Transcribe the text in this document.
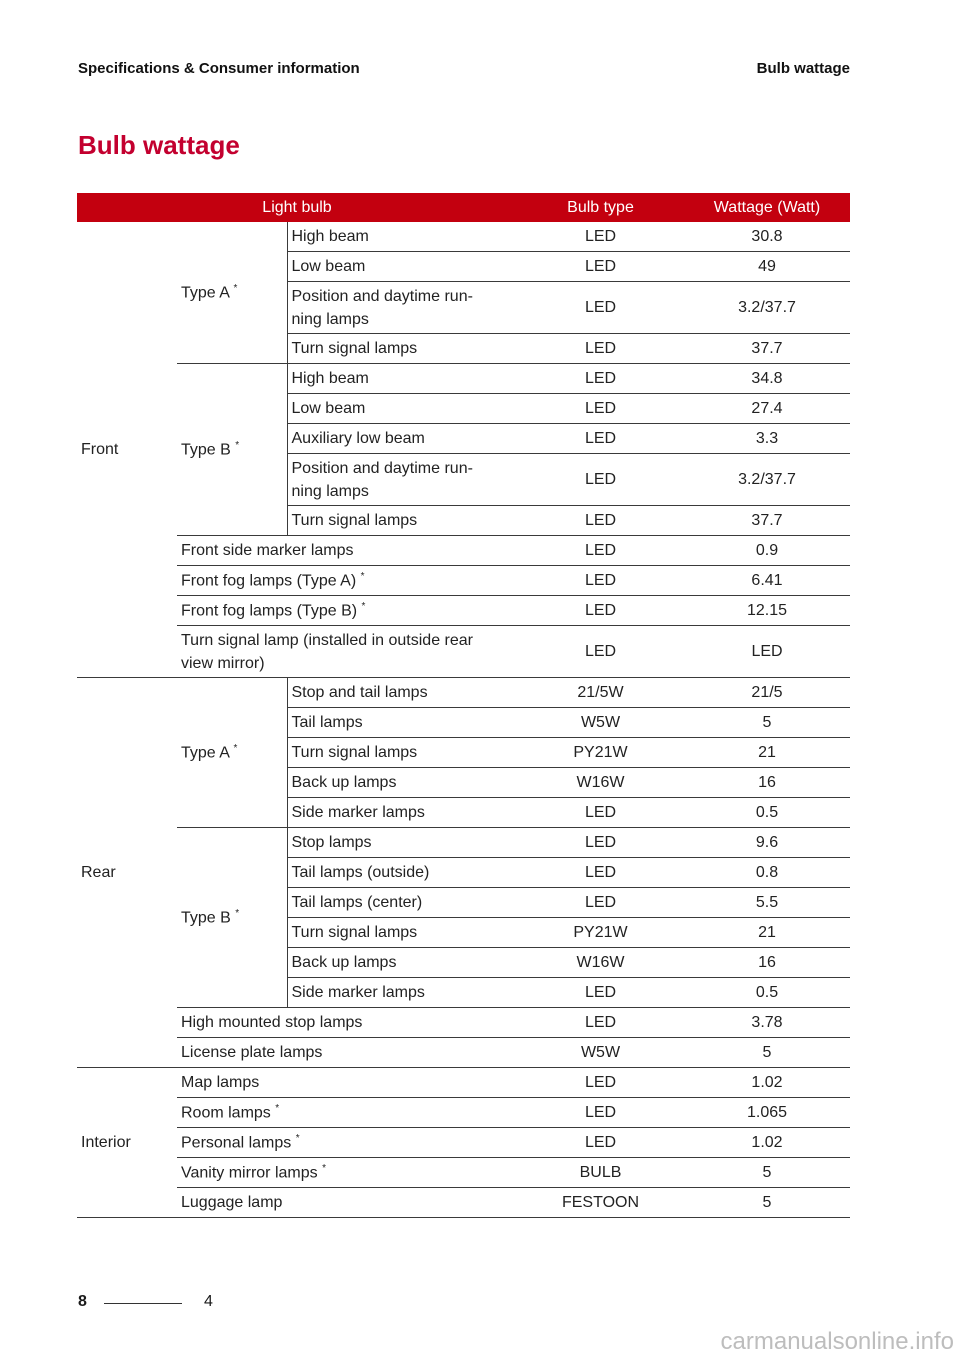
Specifications & Consumer information	Bulb wattage
Bulb wattage
Light bulb			Bulb type	Wattage (Watt)
Front	Type A *	High beam	LED	30.8
		Low beam	LED	49
		Position and daytime run-
ning lamps	LED	3.2/37.7
		Turn signal lamps	LED	37.7
	Type B *	High beam	LED	34.8
		Low beam	LED	27.4
		Auxiliary low beam	LED	3.3
		Position and daytime run-
ning lamps	LED	3.2/37.7
		Turn signal lamps	LED	37.7
	Front side marker lamps		LED	0.9
	Front fog lamps (Type A) *		LED	6.41
	Front fog lamps (Type B) *		LED	12.15
	Turn signal lamp (installed in outside rear
view mirror)		LED	LED
Rear	Type A *	Stop and tail lamps	21/5W	21/5
		Tail lamps	W5W	5
		Turn signal lamps	PY21W	21
		Back up lamps	W16W	16
		Side marker lamps	LED	0.5
	Type B *	Stop lamps	LED	9.6
		Tail lamps (outside)	LED	0.8
		Tail lamps (center)	LED	5.5
		Turn signal lamps	PY21W	21
		Back up lamps	W16W	16
		Side marker lamps	LED	0.5
	High mounted stop lamps		LED	3.78
	License plate lamps		W5W	5
Interior	Map lamps		LED	1.02
	Room lamps *		LED	1.065
	Personal lamps *		LED	1.02
	Vanity mirror lamps *		BULB	5
	Luggage lamp		FESTOON	5
8	4
carmanualsonline.info
